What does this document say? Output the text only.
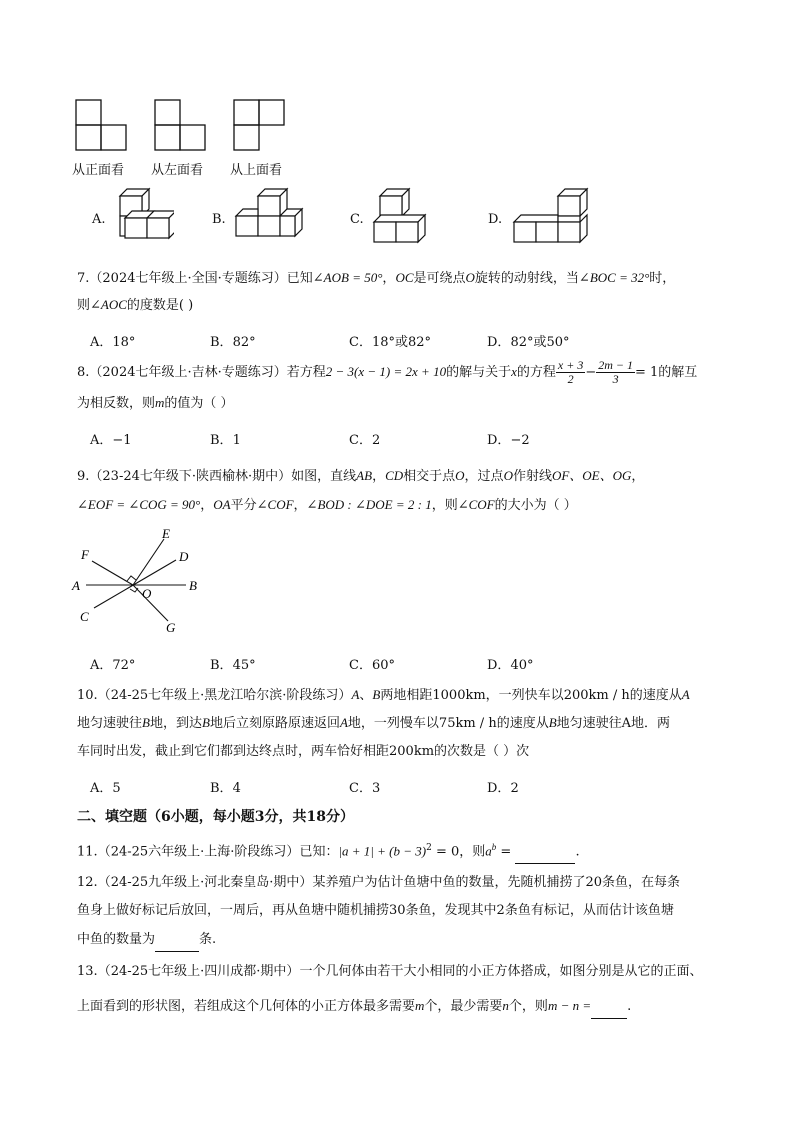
从正面看 从左面看 从上面看
A.	B.	C.	D.
7.（2024七年级上·全国·专题练习）已知∠AOB = 50°，OC是可绕点O旋转的动射线，当∠BOC = 32°时，
则∠AOC的度数是( )
A．18°	B．82°	C．18°或82°	D．82°或50°
8.（2024七年级上·吉林·专题练习）若方程2 − 3(x − 1) = 2x + 10的解与关于x的方程 $\frac{x + 3}{2} - \frac{2m - 1}{3} = 1$的解互
为相反数，则m的值为（ ）
A．−1	B．1	C．2	D．−2
9.（23-24七年级下·陕西榆林·期中）如图，直线AB，CD相交于点O，过点O作射线OF、OE、OG，
∠EOF = ∠COG = 90°，OA平分∠COF，∠BOD : ∠DOE = 2 : 1，则∠COF的大小为（ ）
E
F	D
A	B
O
C
G
A．72°	B．45°	C．60°	D．40°
10.（24-25七年级上·黑龙江哈尔滨·阶段练习）A、B两地相距1000km，一列快车以200km / h的速度从A
地匀速驶往B地，到达B地后立刻原路原速返回A地，一列慢车以75km / h的速度从B地匀速驶往A地．两
车同时出发，截止到它们都到达终点时，两车恰好相距200km的次数是（ ）次
A．5	B．4	C．3	D．2
二、填空题（6小题，每小题3分，共18分）
11.（24-25六年级上·上海·阶段练习）已知：$|a + 1| + (b - 3)^2 = 0$，则$a^b$ =	.
12.（24-25九年级上·河北秦皇岛·期中）某养殖户为估计鱼塘中鱼的数量，先随机捕捞了20条鱼，在每条
鱼身上做好标记后放回，一周后，再从鱼塘中随机捕捞30条鱼，发现其中2条鱼有标记，从而估计该鱼塘
中鱼的数量为	条.
13.（24-25七年级上·四川成都·期中）一个几何体由若干大小相同的小正方体搭成，如图分别是从它的正面、
上面看到的形状图，若组成这个几何体的小正方体最多需要m个，最少需要n个，则m − n =	.
